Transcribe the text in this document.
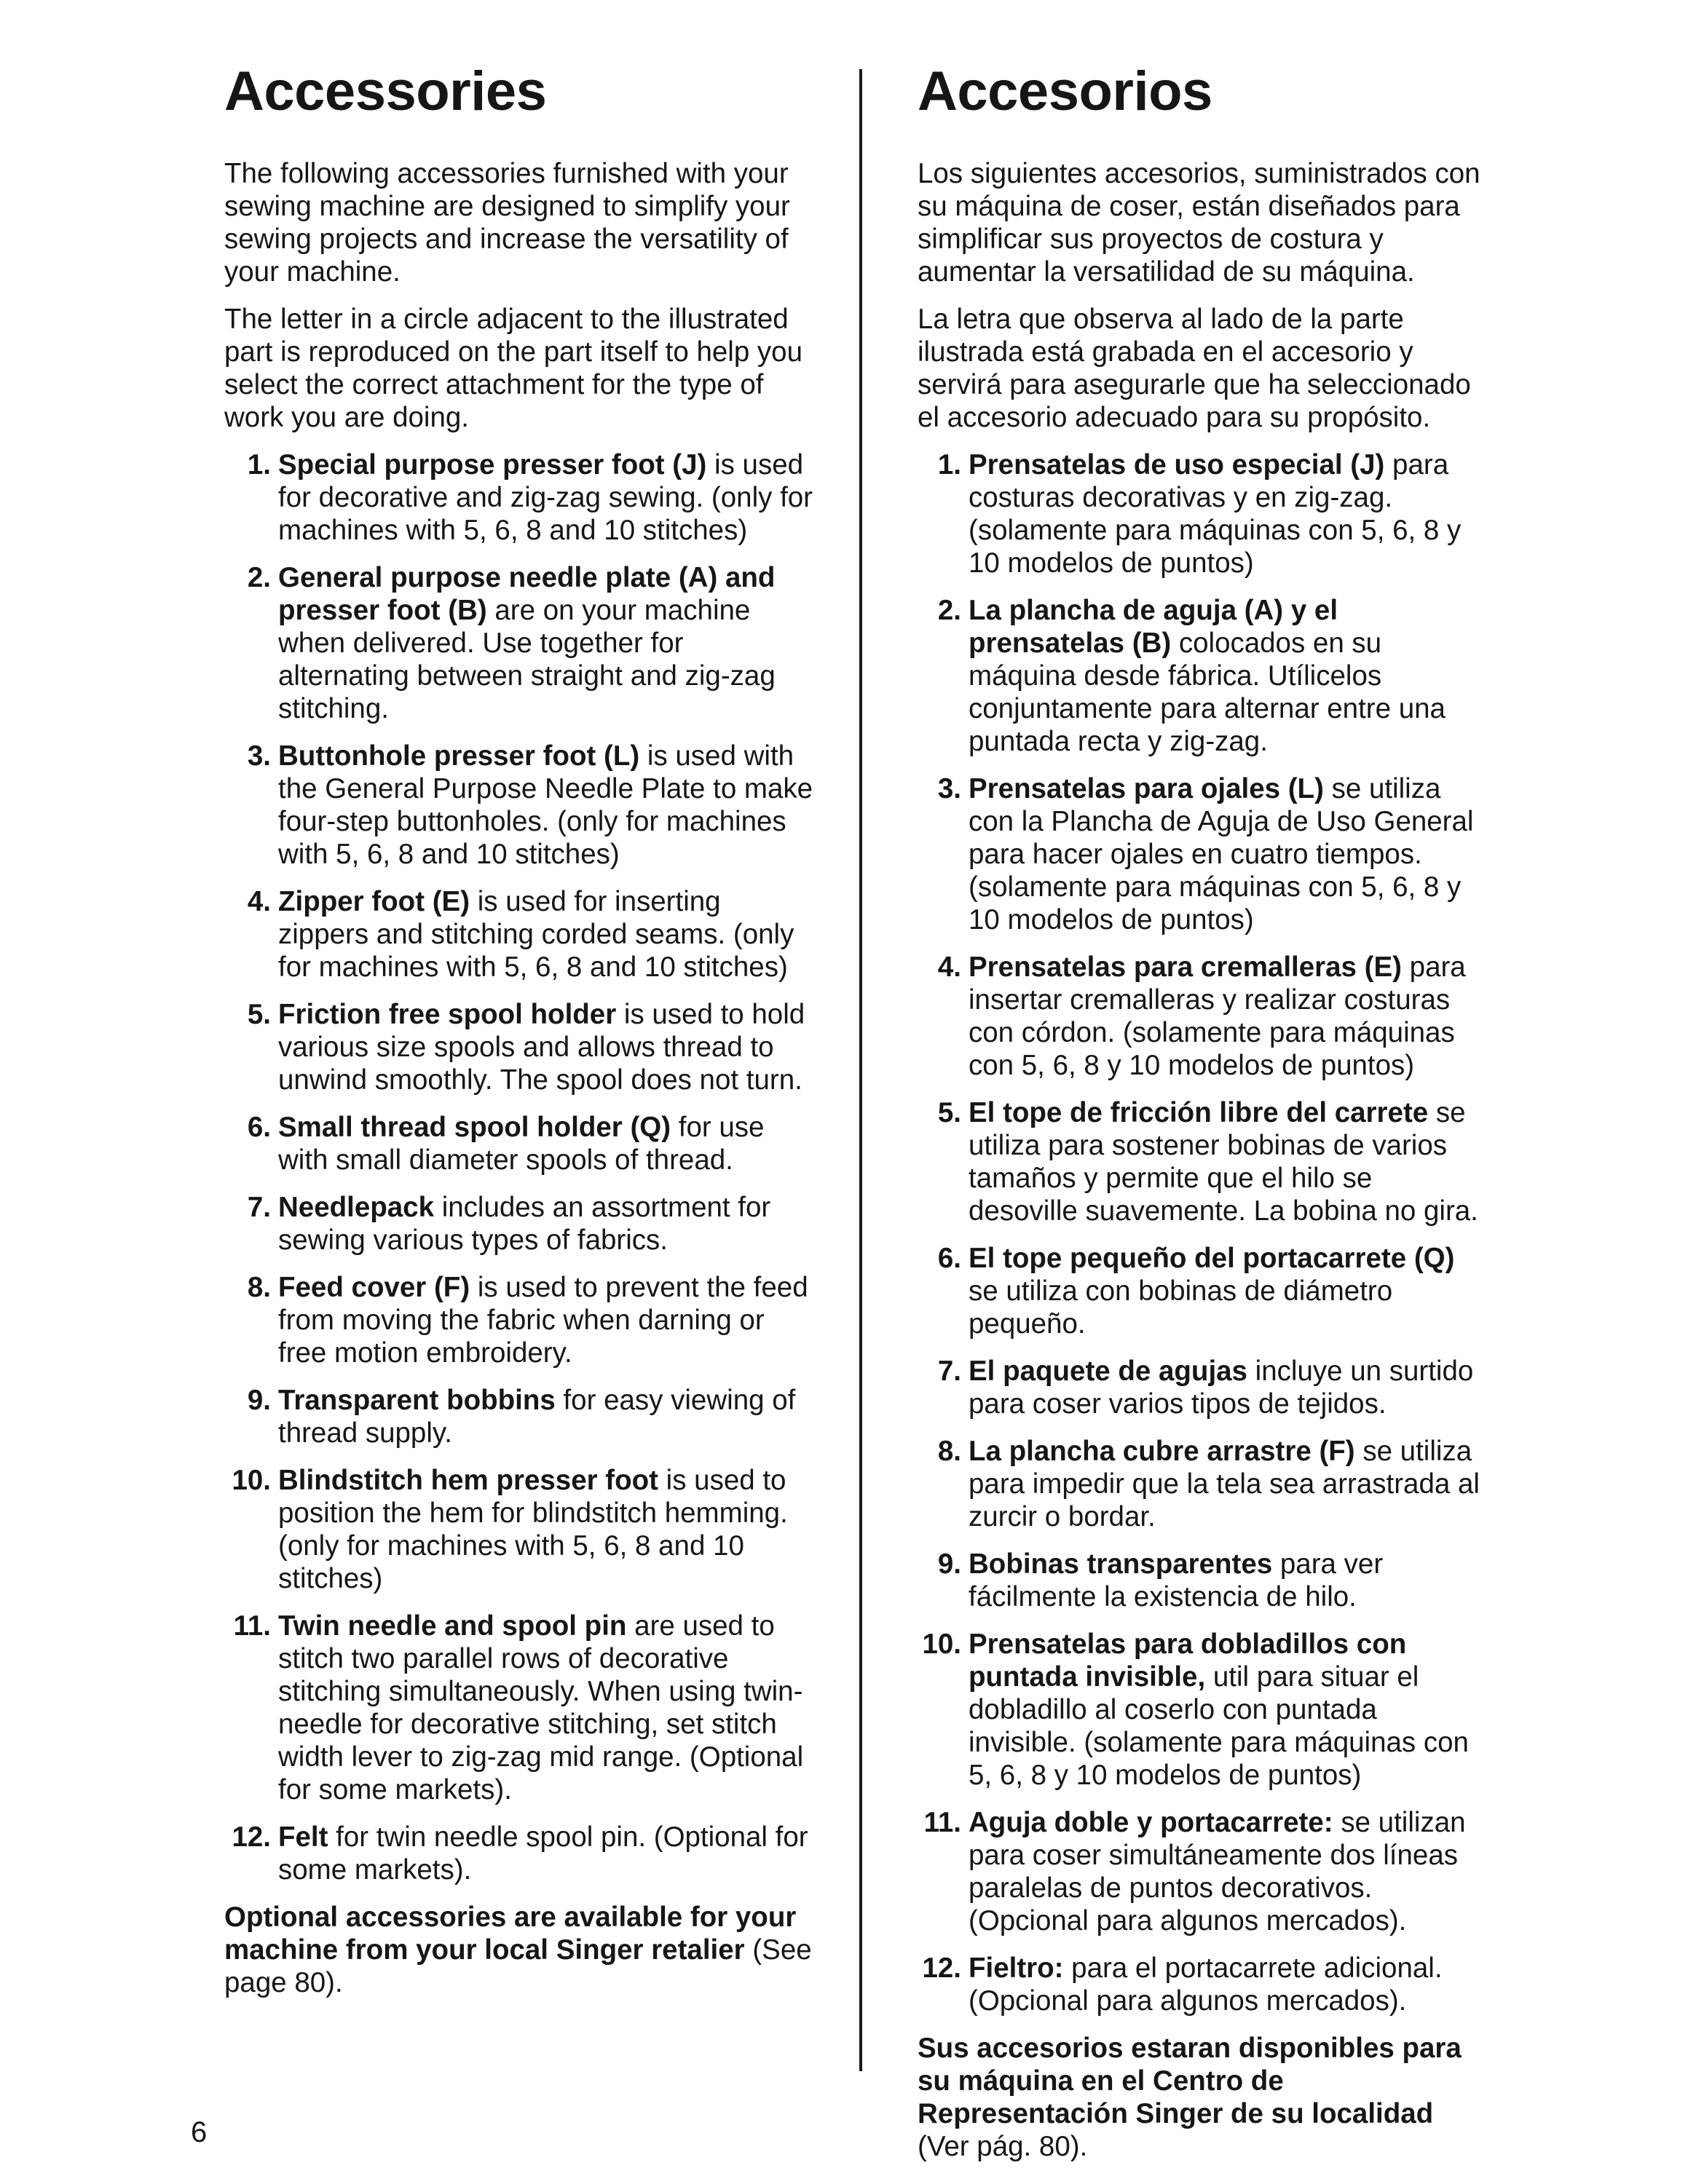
Accessories

The following accessories furnished with your sewing machine are designed to simplify your sewing projects and increase the versatility of your machine.

The letter in a circle adjacent to the illustrated part is reproduced on the part itself to help you select the correct attachment for the type of work you are doing.

1. Special purpose presser foot (J) is used for decorative and zig-zag sewing. (only for machines with 5, 6, 8 and 10 stitches)
2. General purpose needle plate (A) and presser foot (B) are on your machine when delivered. Use together for alternating between straight and zig-zag stitching.
3. Buttonhole presser foot (L) is used with the General Purpose Needle Plate to make four-step buttonholes. (only for machines with 5, 6, 8 and 10 stitches)
4. Zipper foot (E) is used for inserting zippers and stitching corded seams. (only for machines with 5, 6, 8 and 10 stitches)
5. Friction free spool holder is used to hold various size spools and allows thread to unwind smoothly. The spool does not turn.
6. Small thread spool holder (Q) for use with small diameter spools of thread.
7. Needlepack includes an assortment for sewing various types of fabrics.
8. Feed cover (F) is used to prevent the feed from moving the fabric when darning or free motion embroidery.
9. Transparent bobbins for easy viewing of thread supply.
10. Blindstitch hem presser foot is used to position the hem for blindstitch hemming. (only for machines with 5, 6, 8 and 10 stitches)
11. Twin needle and spool pin are used to stitch two parallel rows of decorative stitching simultaneously. When using twin-needle for decorative stitching, set stitch width lever to zig-zag mid range. (Optional for some markets).
12. Felt for twin needle spool pin. (Optional for some markets).

Optional accessories are available for your machine from your local Singer retalier (See page 80).

Accesorios

Los siguientes accesorios, suministrados con su máquina de coser, están diseñados para simplificar sus proyectos de costura y aumentar la versatilidad de su máquina.

La letra que observa al lado de la parte ilustrada está grabada en el accesorio y servirá para asegurarle que ha seleccionado el accesorio adecuado para su propósito.

1. Prensatelas de uso especial (J) para costuras decorativas y en zig-zag. (solamente para máquinas con 5, 6, 8 y 10 modelos de puntos)
2. La plancha de aguja (A) y el prensatelas (B) colocados en su máquina desde fábrica. Utílicelos conjuntamente para alternar entre una puntada recta y zig-zag.
3. Prensatelas para ojales (L) se utiliza con la Plancha de Aguja de Uso General para hacer ojales en cuatro tiempos. (solamente para máquinas con 5, 6, 8 y 10 modelos de puntos)
4. Prensatelas para cremalleras (E) para insertar cremalleras y realizar costuras con córdon. (solamente para máquinas con 5, 6, 8 y 10 modelos de puntos)
5. El tope de fricción libre del carrete se utiliza para sostener bobinas de varios tamaños y permite que el hilo se desoville suavemente. La bobina no gira.
6. El tope pequeño del portacarrete (Q) se utiliza con bobinas de diámetro pequeño.
7. El paquete de agujas incluye un surtido para coser varios tipos de tejidos.
8. La plancha cubre arrastre (F) se utiliza para impedir que la tela sea arrastrada al zurcir o bordar.
9. Bobinas transparentes para ver fácilmente la existencia de hilo.
10. Prensatelas para dobladillos con puntada invisible, util para situar el dobladillo al coserlo con puntada invisible. (solamente para máquinas con 5, 6, 8 y 10 modelos de puntos)
11. Aguja doble y portacarrete: se utilizan para coser simultáneamente dos líneas paralelas de puntos decorativos. (Opcional para algunos mercados).
12. Fieltro: para el portacarrete adicional. (Opcional para algunos mercados).

Sus accesorios estaran disponibles para su máquina en el Centro de Representación Singer de su localidad (Ver pág. 80).

6
